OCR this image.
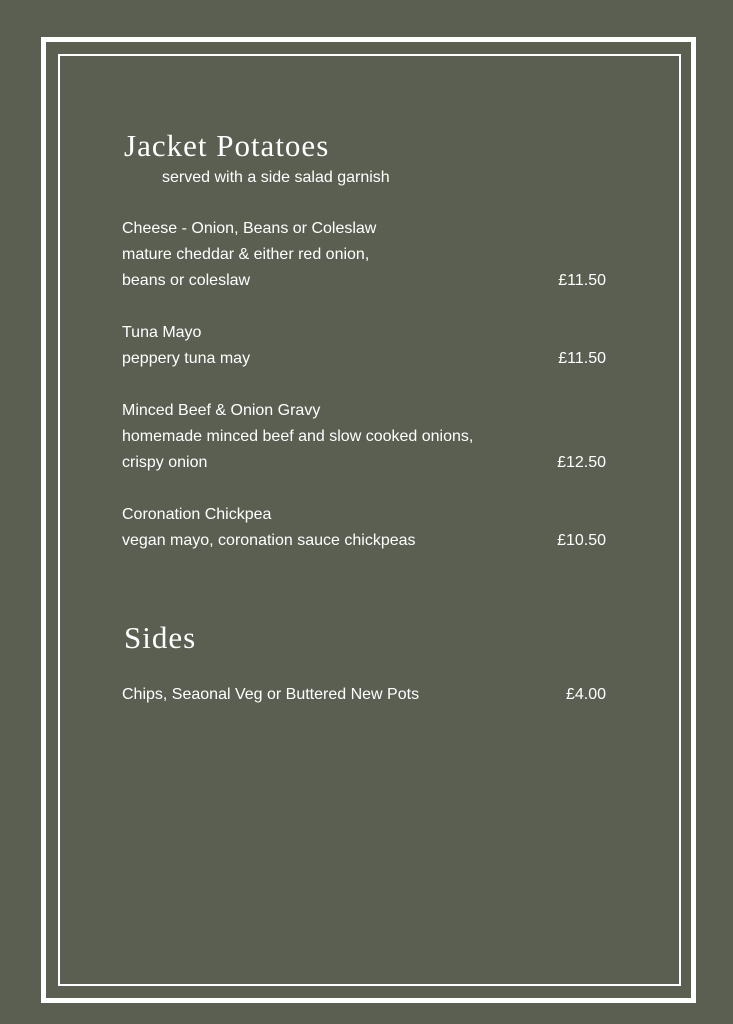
Jacket Potatoes

served with a side salad garnish

Cheese - Onion, Beans or Coleslaw
mature cheddar & either red onion,
beans or coleslaw	£11.50
Tuna Mayo
peppery tuna may	£11.50
Minced Beef & Onion Gravy
homemade minced beef and slow cooked onions,
crispy onion	£12.50
Coronation Chickpea
vegan mayo, coronation sauce chickpeas	£10.50
Sides
Chips, Seaonal Veg or Buttered New Pots	£4.00
